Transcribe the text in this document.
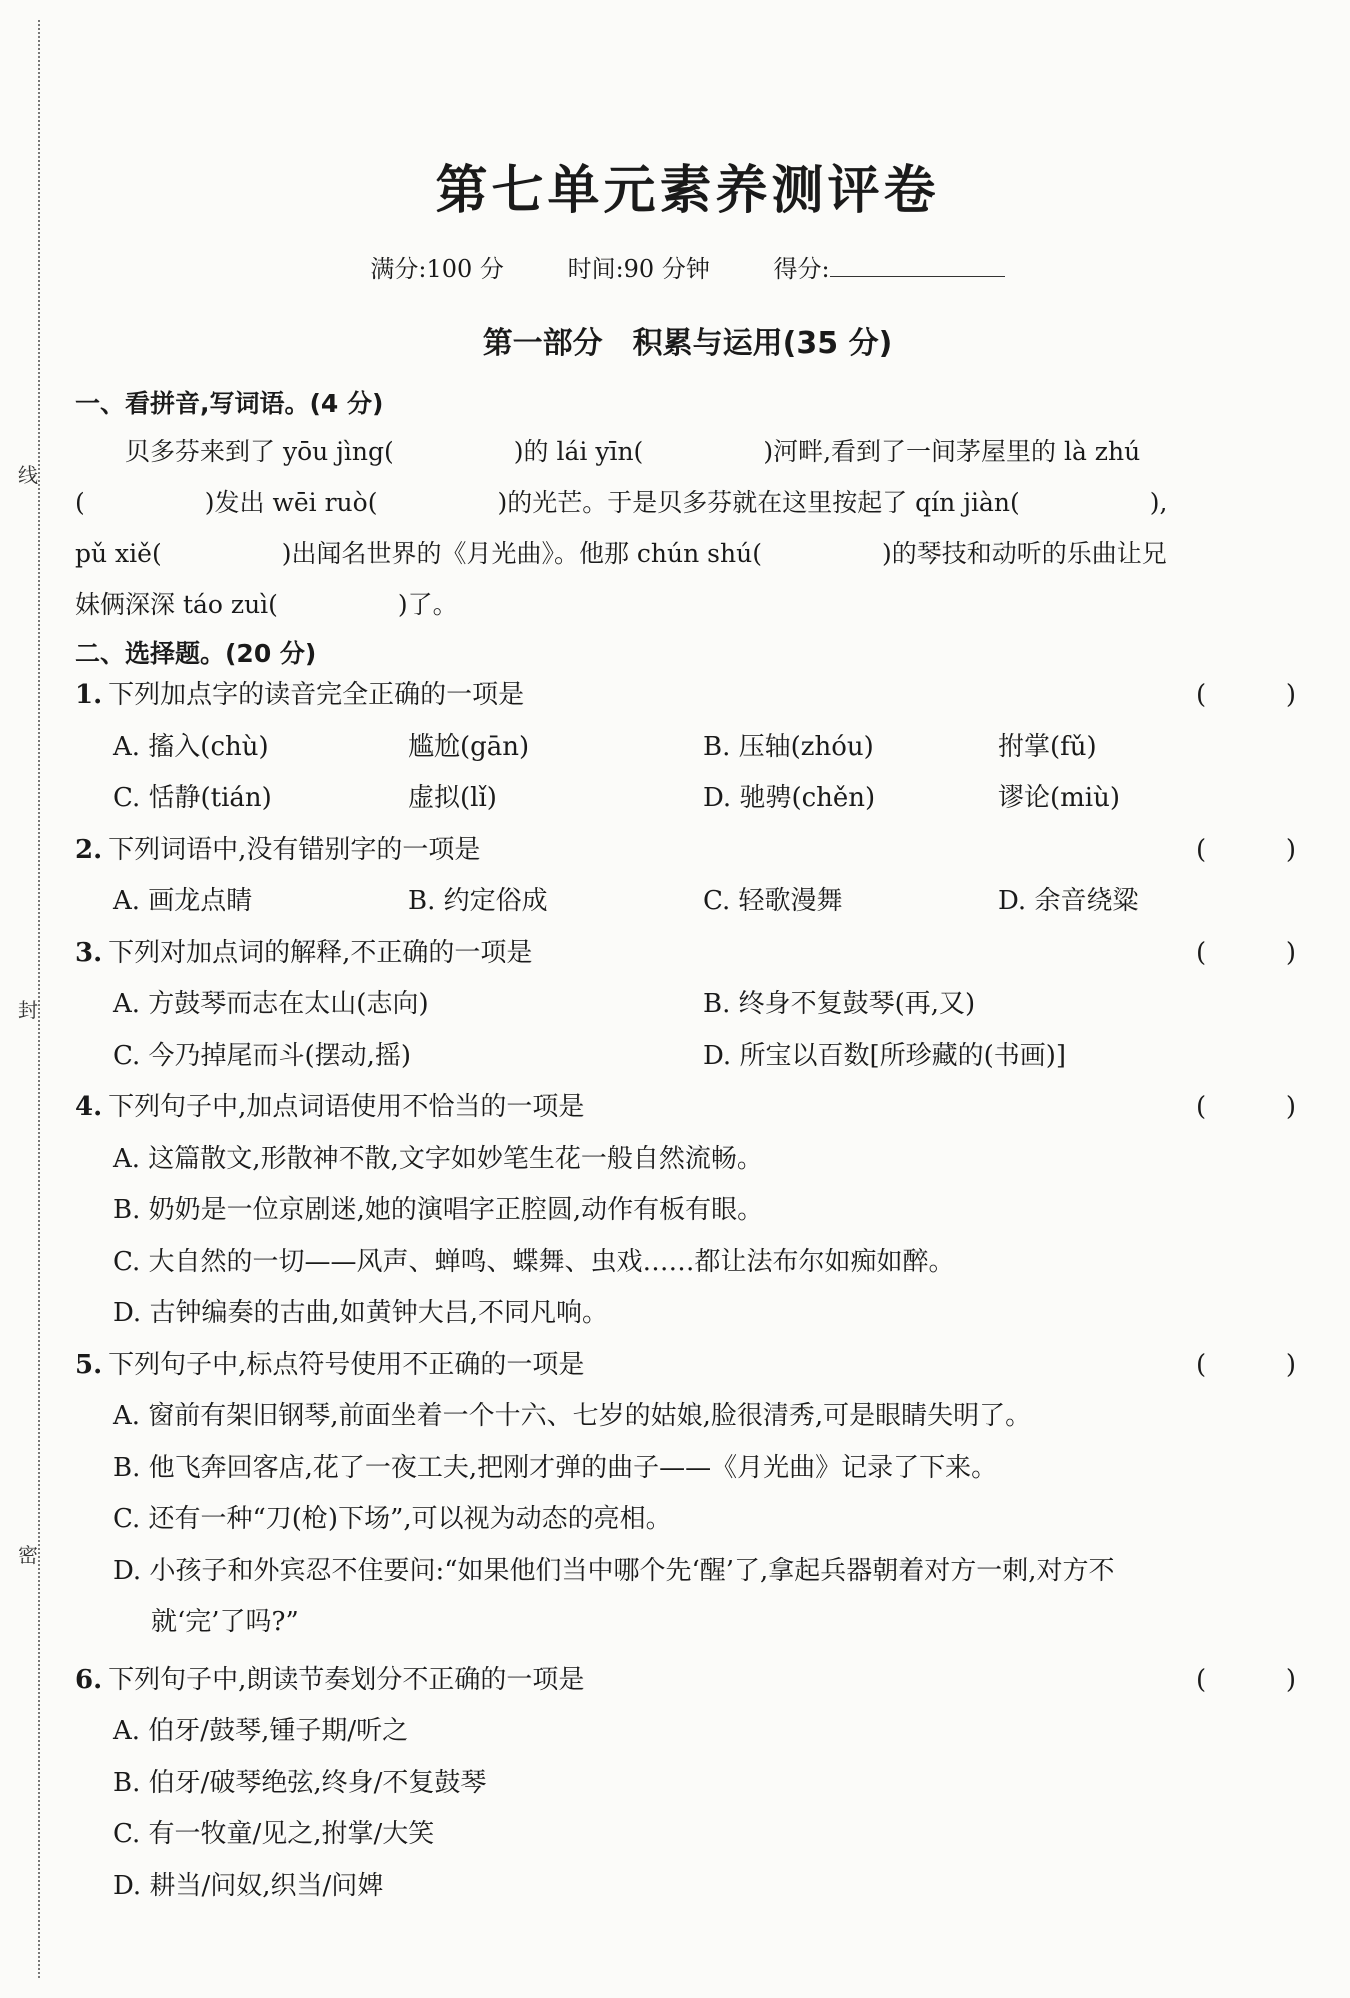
线
封
密
第七单元素养测评卷
满分:100 分	时间:90 分钟	得分:
第一部分　积累与运用(35 分)
一、看拼音,写词语。(4 分)
贝多芬来到了 yōu jìng(	)的 lái yīn(	)河畔,看到了一间茅屋里的 là zhú
(	)发出 wēi ruò(	)的光芒。于是贝多芬就在这里按起了 qín jiàn(	),
pǔ xiě(	)出闻名世界的《月光曲》。他那 chún shú(	)的琴技和动听的乐曲让兄
妹俩深深 táo zuì(	)了。
二、选择题。(20 分)
1. 下列加点字的读音完全正确的一项是	(	)
A. 搐入(chù)	尴尬(gān)	B. 压轴(zhóu)	拊掌(fǔ)
C. 恬静(tián)	虚拟(lǐ)	D. 驰骋(chěn)	谬论(miù)
2. 下列词语中,没有错别字的一项是	(	)
A. 画龙点睛	B. 约定俗成	C. 轻歌漫舞	D. 余音绕粱
3. 下列对加点词的解释,不正确的一项是	(	)
A. 方鼓琴而志在太山(志向)	B. 终身不复鼓琴(再,又)
C. 今乃掉尾而斗(摆动,摇)	D. 所宝以百数[所珍藏的(书画)]
4. 下列句子中,加点词语使用不恰当的一项是	(	)
A. 这篇散文,形散神不散,文字如妙笔生花一般自然流畅。
B. 奶奶是一位京剧迷,她的演唱字正腔圆,动作有板有眼。
C. 大自然的一切——风声、蝉鸣、蝶舞、虫戏……都让法布尔如痴如醉。
D. 古钟编奏的古曲,如黄钟大吕,不同凡响。
5. 下列句子中,标点符号使用不正确的一项是	(	)
A. 窗前有架旧钢琴,前面坐着一个十六、七岁的姑娘,脸很清秀,可是眼睛失明了。
B. 他飞奔回客店,花了一夜工夫,把刚才弹的曲子——《月光曲》记录了下来。
C. 还有一种“刀(枪)下场”,可以视为动态的亮相。
D. 小孩子和外宾忍不住要问:“如果他们当中哪个先‘醒’了,拿起兵器朝着对方一刺,对方不
就‘完’了吗?”
6. 下列句子中,朗读节奏划分不正确的一项是	(	)
A. 伯牙/鼓琴,锺子期/听之
B. 伯牙/破琴绝弦,终身/不复鼓琴
C. 有一牧童/见之,拊掌/大笑
D. 耕当/问奴,织当/问婢
